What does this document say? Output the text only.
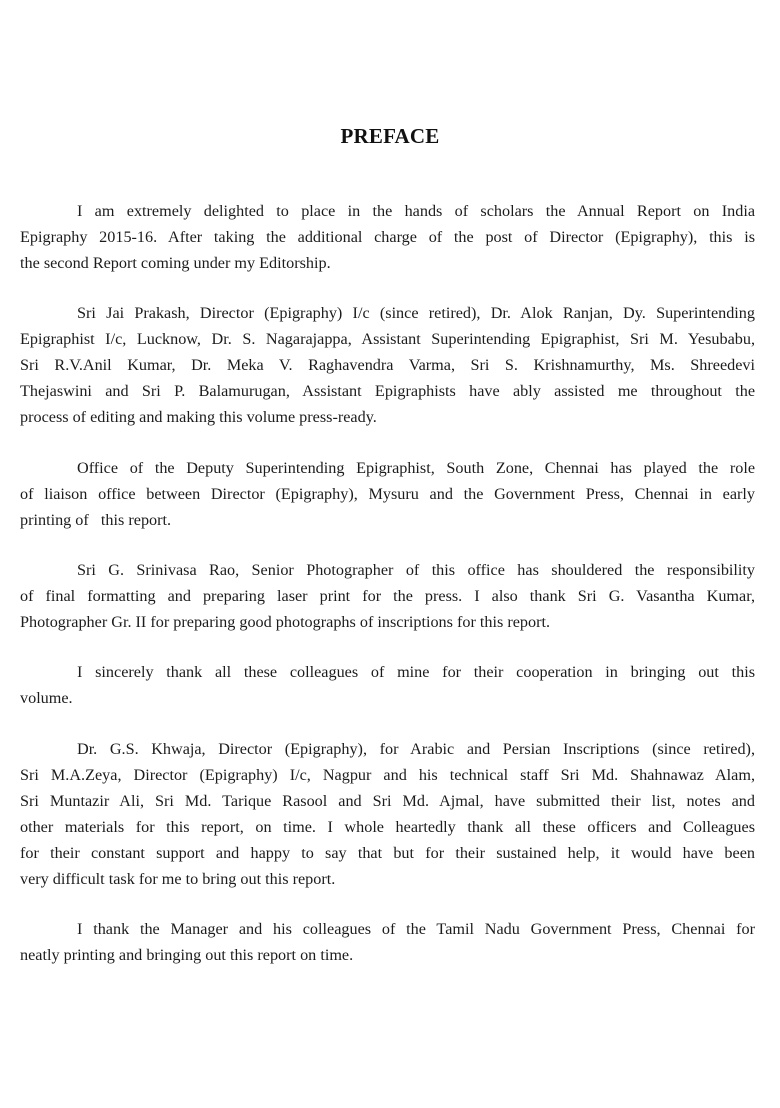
PREFACE
I am extremely delighted to place in the hands of scholars the Annual Report on India
Epigraphy 2015-16. After taking the additional charge of the post of Director (Epigraphy), this is
the second Report coming under my Editorship.
Sri Jai Prakash, Director (Epigraphy) I/c (since retired), Dr. Alok Ranjan, Dy. Superintending
Epigraphist I/c, Lucknow, Dr. S. Nagarajappa, Assistant Superintending Epigraphist, Sri M. Yesubabu,
Sri R.V.Anil Kumar, Dr. Meka V. Raghavendra Varma, Sri S. Krishnamurthy, Ms. Shreedevi
Thejaswini and Sri P. Balamurugan, Assistant Epigraphists have ably assisted me throughout the
process of editing and making this volume press-ready.
Office of the Deputy Superintending Epigraphist, South Zone, Chennai has played the role
of liaison office between Director (Epigraphy), Mysuru and the Government Press, Chennai in early
printing of   this report.
Sri G. Srinivasa Rao, Senior Photographer of this office has shouldered the responsibility
of final formatting and preparing laser print for the press. I also thank Sri G. Vasantha Kumar,
Photographer Gr. II for preparing good photographs of inscriptions for this report.
I sincerely thank all these colleagues of mine for their cooperation in bringing out this
volume.
Dr. G.S. Khwaja, Director (Epigraphy), for Arabic and Persian Inscriptions (since retired),
Sri M.A.Zeya, Director (Epigraphy) I/c, Nagpur and his technical staff Sri Md. Shahnawaz Alam,
Sri Muntazir Ali, Sri Md. Tarique Rasool and Sri Md. Ajmal, have submitted their list, notes and
other materials for this report, on time. I whole heartedly thank all these officers and Colleagues
for their constant support and happy to say that but for their sustained help, it would have been
very difficult task for me to bring out this report.
I thank the Manager and his colleagues of the Tamil Nadu Government Press, Chennai for
neatly printing and bringing out this report on time.
